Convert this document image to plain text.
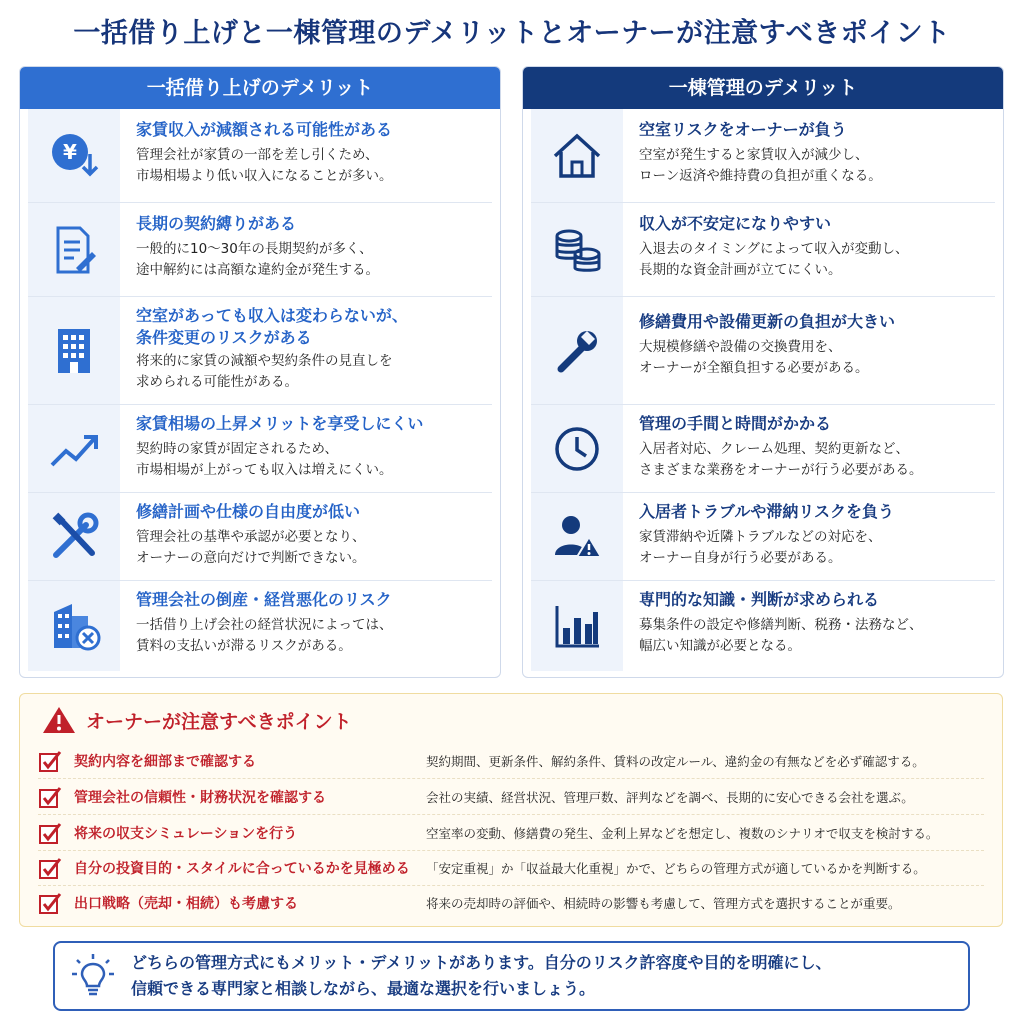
一括借り上げと一棟管理のデメリットとオーナーが注意すべきポイント
一括借り上げのデメリット
¥
家賃収入が減額される可能性がある
管理会社が家賃の一部を差し引くため、
市場相場より低い収入になることが多い。
長期の契約縛りがある
一般的に10〜30年の長期契約が多く、
途中解約には高額な違約金が発生する。
空室があっても収入は変わらないが、
条件変更のリスクがある
将来的に家賃の減額や契約条件の見直しを
求められる可能性がある。
家賃相場の上昇メリットを享受しにくい
契約時の家賃が固定されるため、
市場相場が上がっても収入は増えにくい。
修繕計画や仕様の自由度が低い
管理会社の基準や承認が必要となり、
オーナーの意向だけで判断できない。
管理会社の倒産・経営悪化のリスク
一括借り上げ会社の経営状況によっては、
賃料の支払いが滞るリスクがある。
一棟管理のデメリット
空室リスクをオーナーが負う
空室が発生すると家賃収入が減少し、
ローン返済や維持費の負担が重くなる。
収入が不安定になりやすい
入退去のタイミングによって収入が変動し、
長期的な資金計画が立てにくい。
修繕費用や設備更新の負担が大きい
大規模修繕や設備の交換費用を、
オーナーが全額負担する必要がある。
管理の手間と時間がかかる
入居者対応、クレーム処理、契約更新など、
さまざまな業務をオーナーが行う必要がある。
入居者トラブルや滞納リスクを負う
家賃滞納や近隣トラブルなどの対応を、
オーナー自身が行う必要がある。
専門的な知識・判断が求められる
募集条件の設定や修繕判断、税務・法務など、
幅広い知識が必要となる。
オーナーが注意すべきポイント
契約内容を細部まで確認する	契約期間、更新条件、解約条件、賃料の改定ルール、違約金の有無などを必ず確認する。
管理会社の信頼性・財務状況を確認する	会社の実績、経営状況、管理戸数、評判などを調べ、長期的に安心できる会社を選ぶ。
将来の収支シミュレーションを行う	空室率の変動、修繕費の発生、金利上昇などを想定し、複数のシナリオで収支を検討する。
自分の投資目的・スタイルに合っているかを見極める	「安定重視」か「収益最大化重視」かで、どちらの管理方式が適しているかを判断する。
出口戦略（売却・相続）も考慮する	将来の売却時の評価や、相続時の影響も考慮して、管理方式を選択することが重要。
どちらの管理方式にもメリット・デメリットがあります。自分のリスク許容度や目的を明確にし、
信頼できる専門家と相談しながら、最適な選択を行いましょう。
